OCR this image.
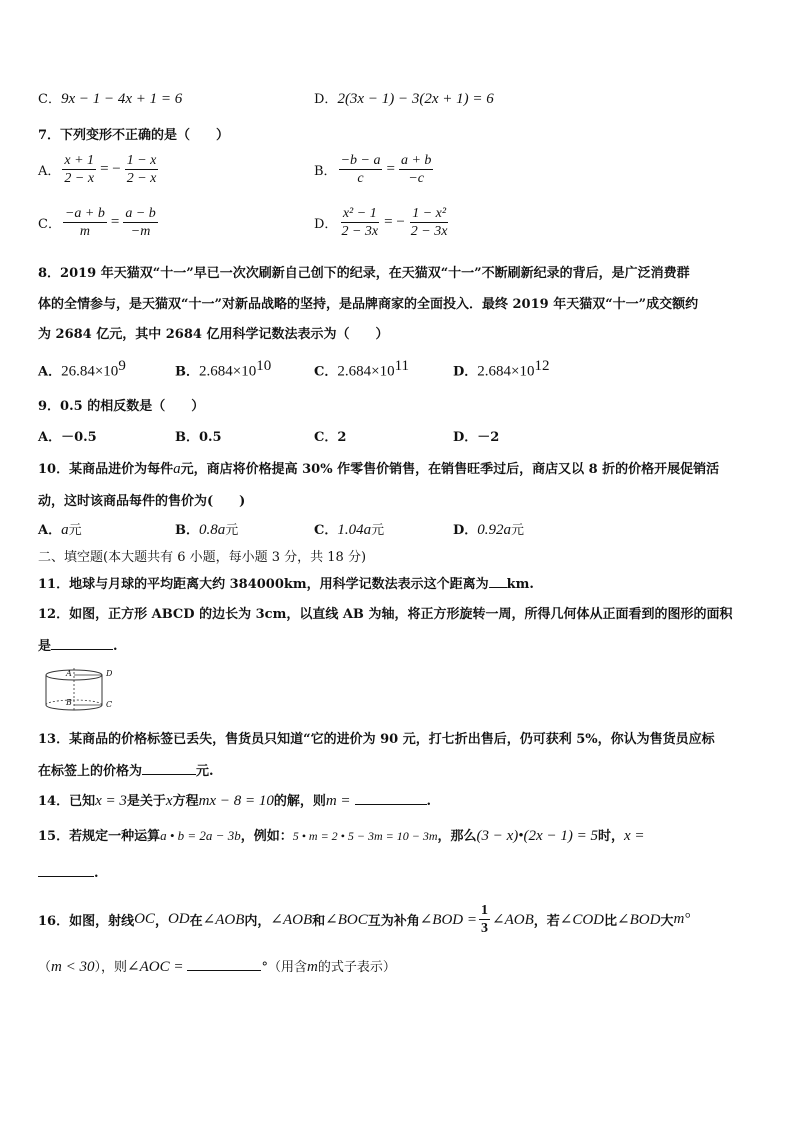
C．9x − 1 − 4x + 1 = 6	D．2(3x − 1) − 3(2x + 1) = 6
7．下列变形不正确的是（　　）
A． $\frac{x + 1}{2 - x}$ = − $\frac{1 - x}{2 - x}$	B． $\frac{-b - a}{c} = \frac{a + b}{-c}$
C． $\frac{-a + b}{m} = \frac{a - b}{-m}$	D． $\frac{\text{x² − 1}}{2 - 3x}$ = − $\frac{\text{1 − x²}}{2 - 3x}$
8．2019 年天猫双“十一”早已一次次刷新自己创下的纪录，在天猫双“十一”不断刷新纪录的背后，是广泛消费群
体的全情参与，是天猫双“十一”对新品战略的坚持，是品牌商家的全面投入．最终 2019 年天猫双“十一”成交额约
为 2684 亿元，其中 2684 亿用科学记数法表示为（　　）
A．$26.84\times 10^9$	B．$2.684\times 10^{10}$	C．$2.684\times 10^{11}$	D．$2.684\times 10^{12}$
9．0.5 的相反数是（　　）
A．－0.5	B．0.5	C．2	D．－2
10．某商品进价为每件a元，商店将价格提高 30% 作零售价销售，在销售旺季过后，商店又以 8 折的价格开展促销活
动，这时该商品每件的售价为(　　)
A．a元	B．0.8a元	C．1.04a元	D．0.92a元
二、填空题(本大题共有 6 小题，每小题 3 分，共 18 分)
11．地球与月球的平均距离大约 384000km，用科学记数法表示这个距离为 km.
12．如图，正方形 ABCD 的边长为 3cm，以直线 AB 为轴，将正方形旋转一周，所得几何体从正面看到的图形的面积
是	.
A
B
D
C
13．某商品的价格标签已丢失，售货员只知道“它的进价为 90 元，打七折出售后，仍可获利 5%，你认为售货员应标
在标签上的价格为	元.
14．已知x = 3是关于x方程mx − 8 = 10的解，则m =	.
15．若规定一种运算a • b = 2a − 3b，例如：5 • m = 2 • 5 − 3m = 10 − 3m，那么(3 − x)•(2x − 1) = 5时，x =
.
16．如图，射线 OC ， OD 在 ∠AOB 内， ∠AOB 和 ∠BOC 互为补角 ∠BOD = $\frac{1}{3}$ ∠AOB ，若 ∠COD 比 ∠BOD 大 m°
（m < 30），则∠AOC =	°（用含m的式子表示）
